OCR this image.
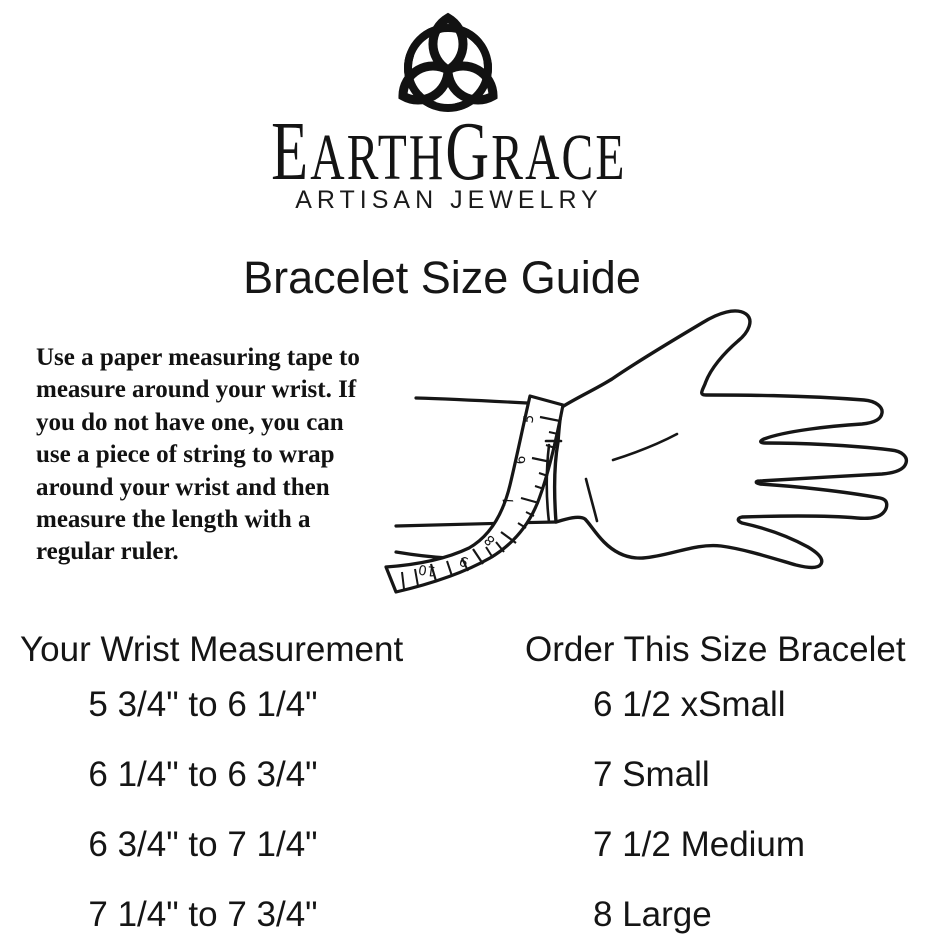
EARTHGRACE
ARTISAN JEWELRY
Bracelet Size Guide
Use a paper measuring tape to
measure around your wrist. If
you do not have one, you can
use a piece of string to wrap
around your wrist and then
measure the length with a
regular ruler.
5
6
7
8
9
10
Your Wrist Measurement	Order This Size Bracelet
5 3/4" to 6 1/4"	6 1/2 xSmall
6 1/4" to 6 3/4"	7 Small
6 3/4" to 7 1/4"	7 1/2 Medium
7 1/4" to 7 3/4"	8 Large
